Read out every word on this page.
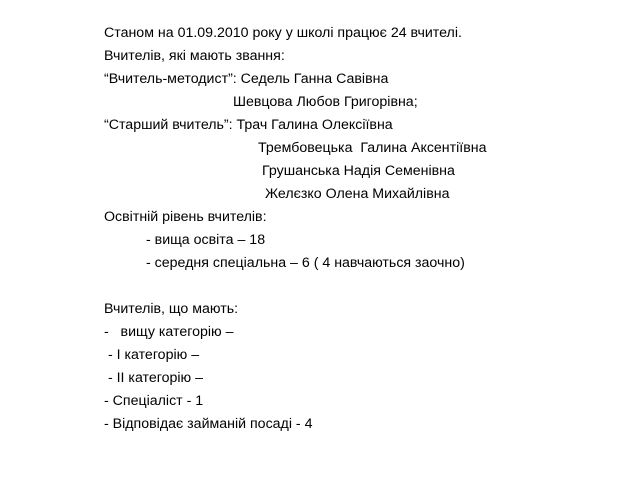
Станом на 01.09.2010 року у школі працює 24 вчителі.
Вчителів, які мають звання:
“Вчитель-методист”: Седель Ганна Савівна
Шевцова Любов Григорівна;
“Старший вчитель”: Трач Галина Олексіївна
Трембовецька  Галина Аксентіївна
Грушанська Надія Семенівна
Желєзко Олена Михайлівна
Освітній рівень вчителів:
- вища освіта – 18
- середня спеціальна – 6 ( 4 навчаються заочно)
Вчителів, що мають:
-   вищу категорію –
- I категорію –
- II категорію –
- Спеціаліст - 1
- Відповідає займаній посаді - 4
